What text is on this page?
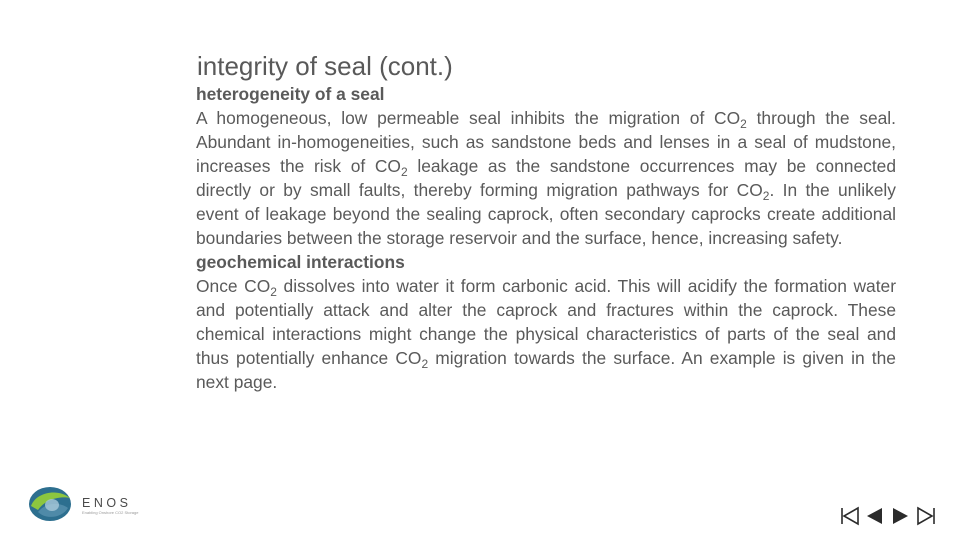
integrity of seal (cont.)
heterogeneity of a seal
A homogeneous, low permeable seal inhibits the migration of $CO_2$ through the seal. Abundant in-homogeneities, such as sandstone beds and lenses in a seal of mudstone, increases the risk of $CO_2$ leakage as the sandstone occurrences may be connected directly or by small faults, thereby forming migration pathways for $CO_2$. In the unlikely event of leakage beyond the sealing caprock, often secondary caprocks create additional boundaries between the storage reservoir and the surface, hence, increasing safety.
geochemical interactions
Once $CO_2$ dissolves into water it form carbonic acid. This will acidify the formation water and potentially attack and alter the caprock and fractures within the caprock. These chemical interactions might change the physical characteristics of parts of the seal and thus potentially enhance $CO_2$ migration towards the surface. An example is given in the next page.
ENOS
Enabling Onshore CO2 Storage
